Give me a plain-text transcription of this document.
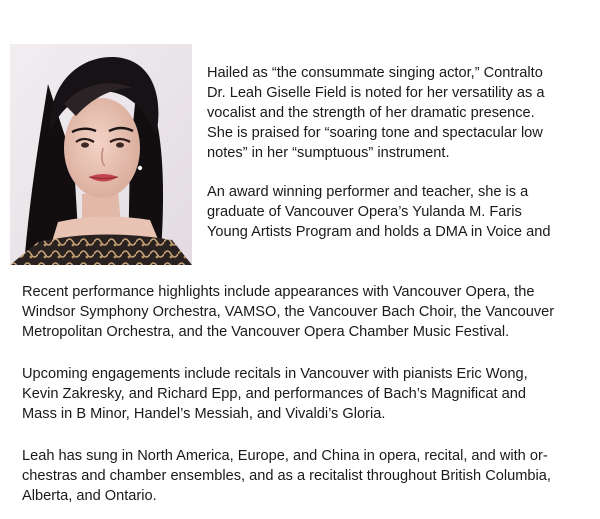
Hailed as “the consummate singing actor,” Contralto
Dr. Leah Giselle Field is noted for her versatility as a
vocalist and the strength of her dramatic presence.
She is praised for “soaring tone and spectacular low
notes” in her “sumptuous” instrument.

An award winning performer and teacher, she is a
graduate of Vancouver Opera’s Yulanda M. Faris
Young Artists Program and holds a DMA in Voice and

Recent performance highlights include appearances with Vancouver Opera, the
Windsor Symphony Orchestra, VAMSO, the Vancouver Bach Choir, the Vancouver
Metropolitan Orchestra, and the Vancouver Opera Chamber Music Festival.

Upcoming engagements include recitals in Vancouver with pianists Eric Wong,
Kevin Zakresky, and Richard Epp, and performances of Bach’s Magnificat and
Mass in B Minor, Handel’s Messiah, and Vivaldi’s Gloria.

Leah has sung in North America, Europe, and China in opera, recital, and with or-
chestras and chamber ensembles, and as a recitalist throughout British Columbia,
Alberta, and Ontario.
